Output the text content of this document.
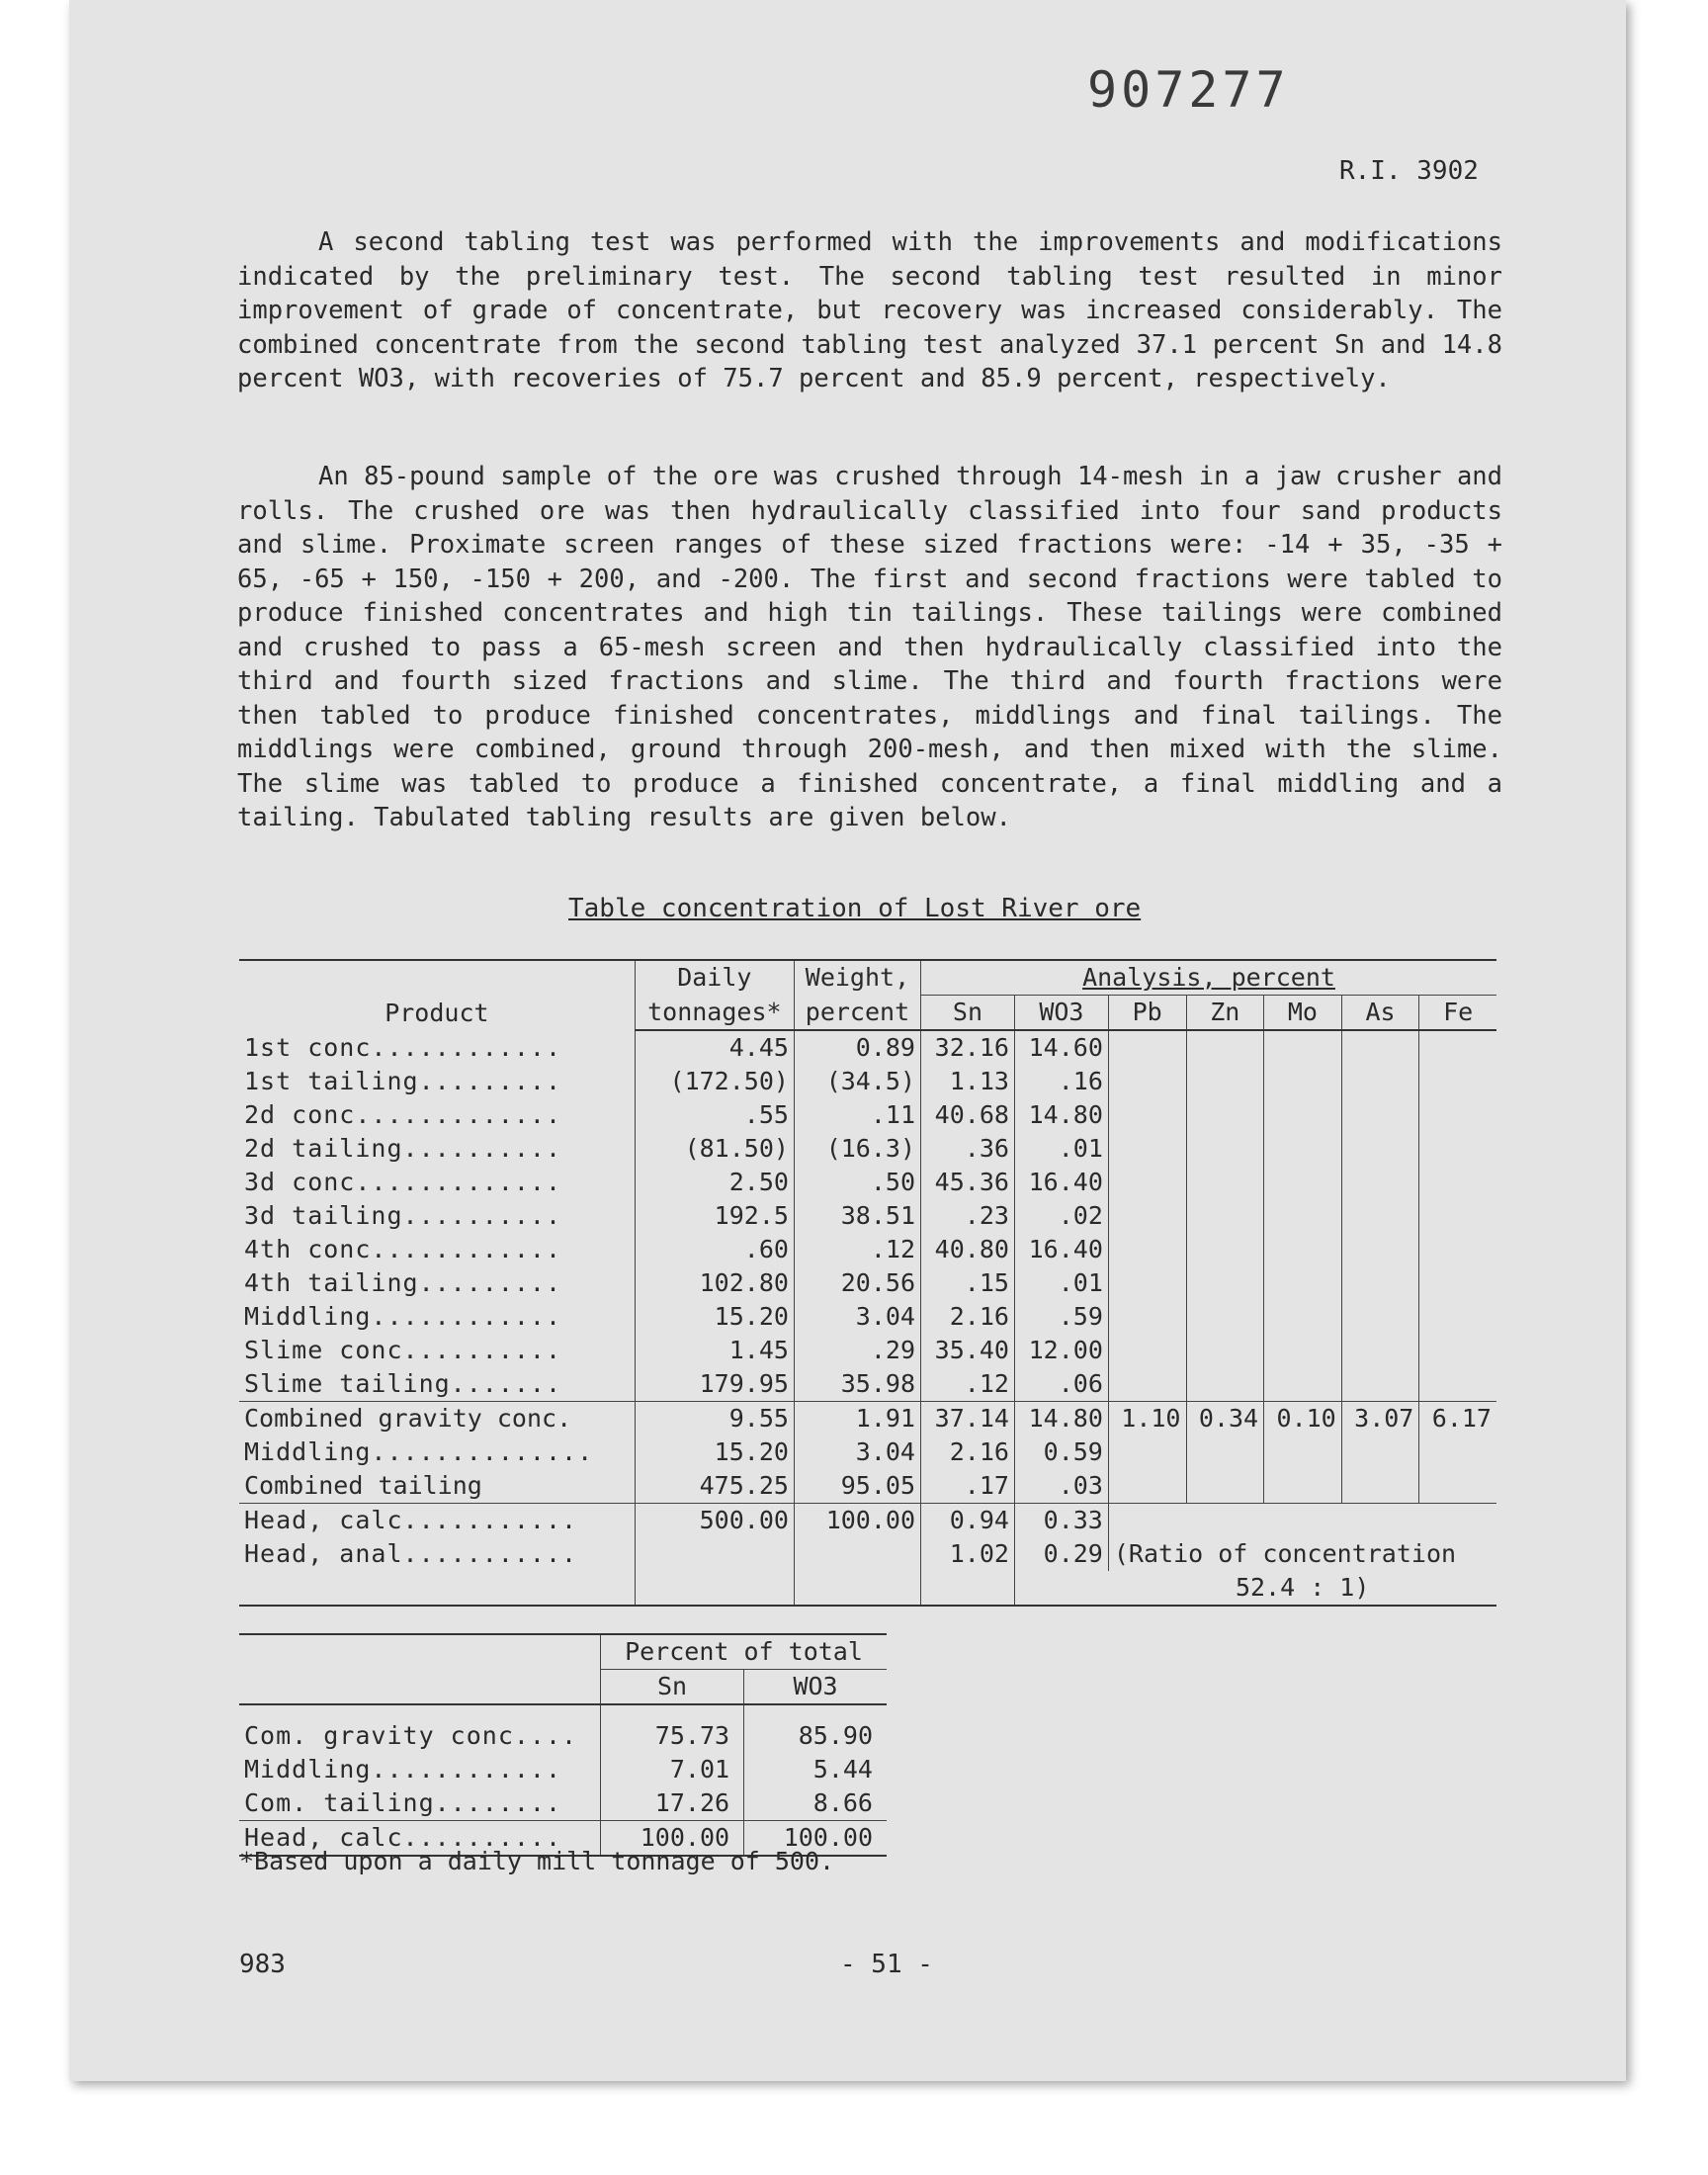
907277
R.I. 3902

A second tabling test was performed with the improvements and modifications indicated by the preliminary test. The second tabling test resulted in minor improvement of grade of concentrate, but recovery was increased considerably. The combined concentrate from the second tabling test analyzed 37.1 percent Sn and 14.8 percent WO3, with recoveries of 75.7 percent and 85.9 percent, respectively.

An 85-pound sample of the ore was crushed through 14-mesh in a jaw crusher and rolls. The crushed ore was then hydraulically classified into four sand products and slime. Proximate screen ranges of these sized fractions were: -14 + 35, -35 + 65, -65 + 150, -150 + 200, and -200. The first and second fractions were tabled to produce finished concentrates and high tin tailings. These tailings were combined and crushed to pass a 65-mesh screen and then hydraulically classified into the third and fourth sized fractions and slime. The third and fourth fractions were then tabled to produce finished concentrates, middlings and final tailings. The middlings were combined, ground through 200-mesh, and then mixed with the slime. The slime was tabled to produce a finished concentrate, a final middling and a tailing. Tabulated tabling results are given below.

Table concentration of Lost River ore
Product	Daily	Weight,	Analysis, percent						
	tonnages*	percent	Sn	WO3	Pb	Zn	Mo	As	Fe
1st conc............	4.45	0.89	32.16	14.60					
1st tailing.........	(172.50)	(34.5)	1.13	.16					
2d conc.............	.55	.11	40.68	14.80					
2d tailing..........	(81.50)	(16.3)	.36	.01					
3d conc.............	2.50	.50	45.36	16.40					
3d tailing..........	192.5	38.51	.23	.02					
4th conc............	.60	.12	40.80	16.40					
4th tailing.........	102.80	20.56	.15	.01					
Middling............	15.20	3.04	2.16	.59					
Slime conc..........	1.45	.29	35.40	12.00					
Slime tailing.......	179.95	35.98	.12	.06					
Combined gravity conc.	9.55	1.91	37.14	14.80	1.10	0.34	0.10	3.07	6.17
Middling..............	15.20	3.04	2.16	0.59					
Combined tailing	475.25	95.05	.17	.03					
Head, calc...........	500.00	100.00	0.94	0.33					
Head, anal...........			1.02	0.29	(Ratio of concentration				
					52.4 : 1)				
	Percent of total	
	Sn	WO3

Com. gravity conc....	75.73	85.90
Middling............	7.01	5.44
Com. tailing........	17.26	8.66
Head, calc..........	100.00	100.00
*Based upon a daily mill tonnage of 500.
983	- 51 -
